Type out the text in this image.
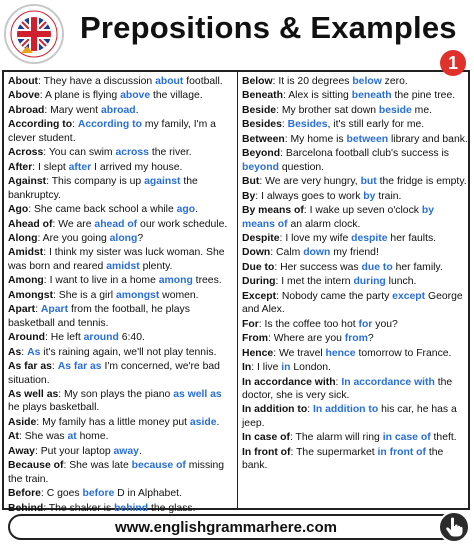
Prepositions & Examples
1
About: They have a discussion about football.
Above: A plane is flying above the village.
Abroad: Mary went abroad.
According to: According to my family, I'm a clever student.
Across: You can swim across the river.
After: I slept after I arrived my house.
Against: This company is up against the bankruptcy.
Ago: She came back school a while ago.
Ahead of: We are ahead of our work schedule.
Along: Are you going along?
Amidst: I think my sister was luck woman. She was born and reared amidst plenty.
Among: I want to live in a home among trees.
Amongst: She is a girl amongst women.
Apart: Apart from the football, he plays basketball and tennis.
Around: He left around 6:40.
As: As it's raining again, we'll not play tennis.
As far as: As far as I'm concerned, we're bad situation.
As well as: My son plays the piano as well as he plays basketball.
Aside: My family has a little money put aside.
At: She was at home.
Away: Put your laptop away.
Because of: She was late because of missing the train.
Before: C goes before D in Alphabet.
Behind: The shaker is behind the glass.
Below: It is 20 degrees below zero.
Beneath: Alex is sitting beneath the pine tree.
Beside: My brother sat down beside me.
Besides: Besides, it's still early for me.
Between: My home is between library and bank.
Beyond: Barcelona football club's success is beyond question.
But: We are very hungry, but the fridge is empty.
By: I always goes to work by train.
By means of: I wake up seven o'clock by means of an alarm clock.
Despite: I love my wife despite her faults.
Down: Calm down my friend!
Due to: Her success was due to her family.
During: I met the intern during lunch.
Except: Nobody came the party except George and Alex.
For: Is the coffee too hot for you?
From: Where are you from?
Hence: We travel hence tomorrow to France.
In: I live in London.
In accordance with: In accordance with the doctor, she is very sick.
In addition to: In addition to his car, he has a jeep.
In case of: The alarm will ring in case of theft.
In front of: The supermarket in front of the bank.
www.englishgrammarhere.com
